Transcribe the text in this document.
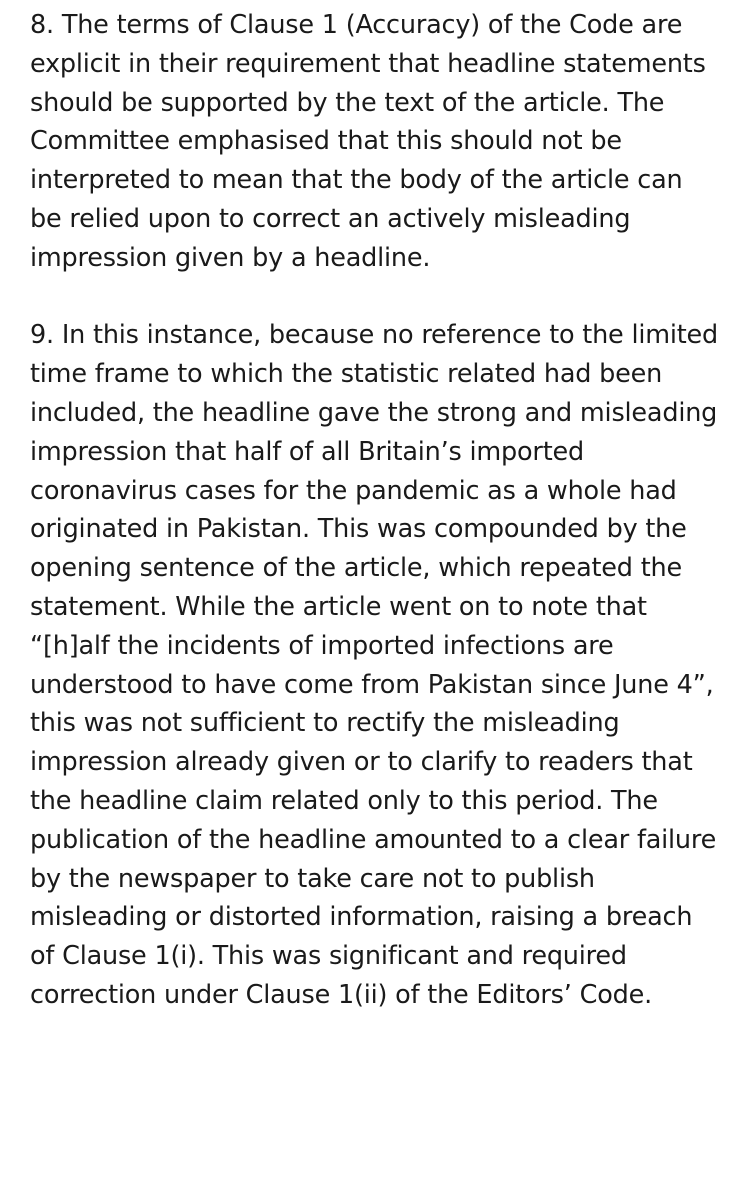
8. The terms of Clause 1 (Accuracy) of the Code are explicit in their requirement that headline statements should be supported by the text of the article. The Committee emphasised that this should not be interpreted to mean that the body of the article can be relied upon to correct an actively misleading impression given by a headline.

9. In this instance, because no reference to the limited time frame to which the statistic related had been included, the headline gave the strong and misleading impression that half of all Britain’s imported coronavirus cases for the pandemic as a whole had originated in Pakistan. This was compounded by the opening sentence of the article, which repeated the statement. While the article went on to note that “[h]alf the incidents of imported infections are understood to have come from Pakistan since June 4”, this was not sufficient to rectify the misleading impression already given or to clarify to readers that the headline claim related only to this period. The publication of the headline amounted to a clear failure by the newspaper to take care not to publish misleading or distorted information, raising a breach of Clause 1(i). This was significant and required correction under Clause 1(ii) of the Editors’ Code.
